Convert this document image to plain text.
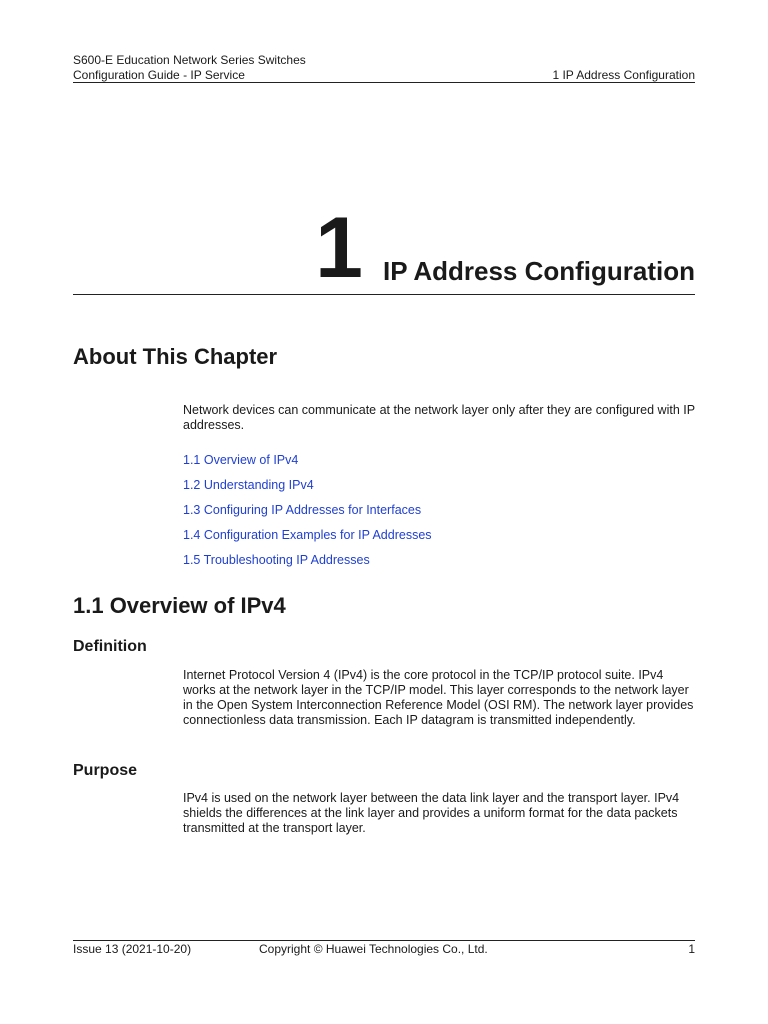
S600-E Education Network Series Switches
Configuration Guide - IP Service	1 IP Address Configuration
1 IP Address Configuration
About This Chapter

Network devices can communicate at the network layer only after they are configured with IP addresses.

1.1 Overview of IPv4
1.2 Understanding IPv4
1.3 Configuring IP Addresses for Interfaces
1.4 Configuration Examples for IP Addresses
1.5 Troubleshooting IP Addresses
1.1 Overview of IPv4
Definition

Internet Protocol Version 4 (IPv4) is the core protocol in the TCP/IP protocol suite. IPv4 works at the network layer in the TCP/IP model. This layer corresponds to the network layer in the Open System Interconnection Reference Model (OSI RM). The network layer provides connectionless data transmission. Each IP datagram is transmitted independently.

Purpose

IPv4 is used on the network layer between the data link layer and the transport layer. IPv4 shields the differences at the link layer and provides a uniform format for the data packets transmitted at the transport layer.

Issue 13 (2021-10-20)	Copyright © Huawei Technologies Co., Ltd.	1
